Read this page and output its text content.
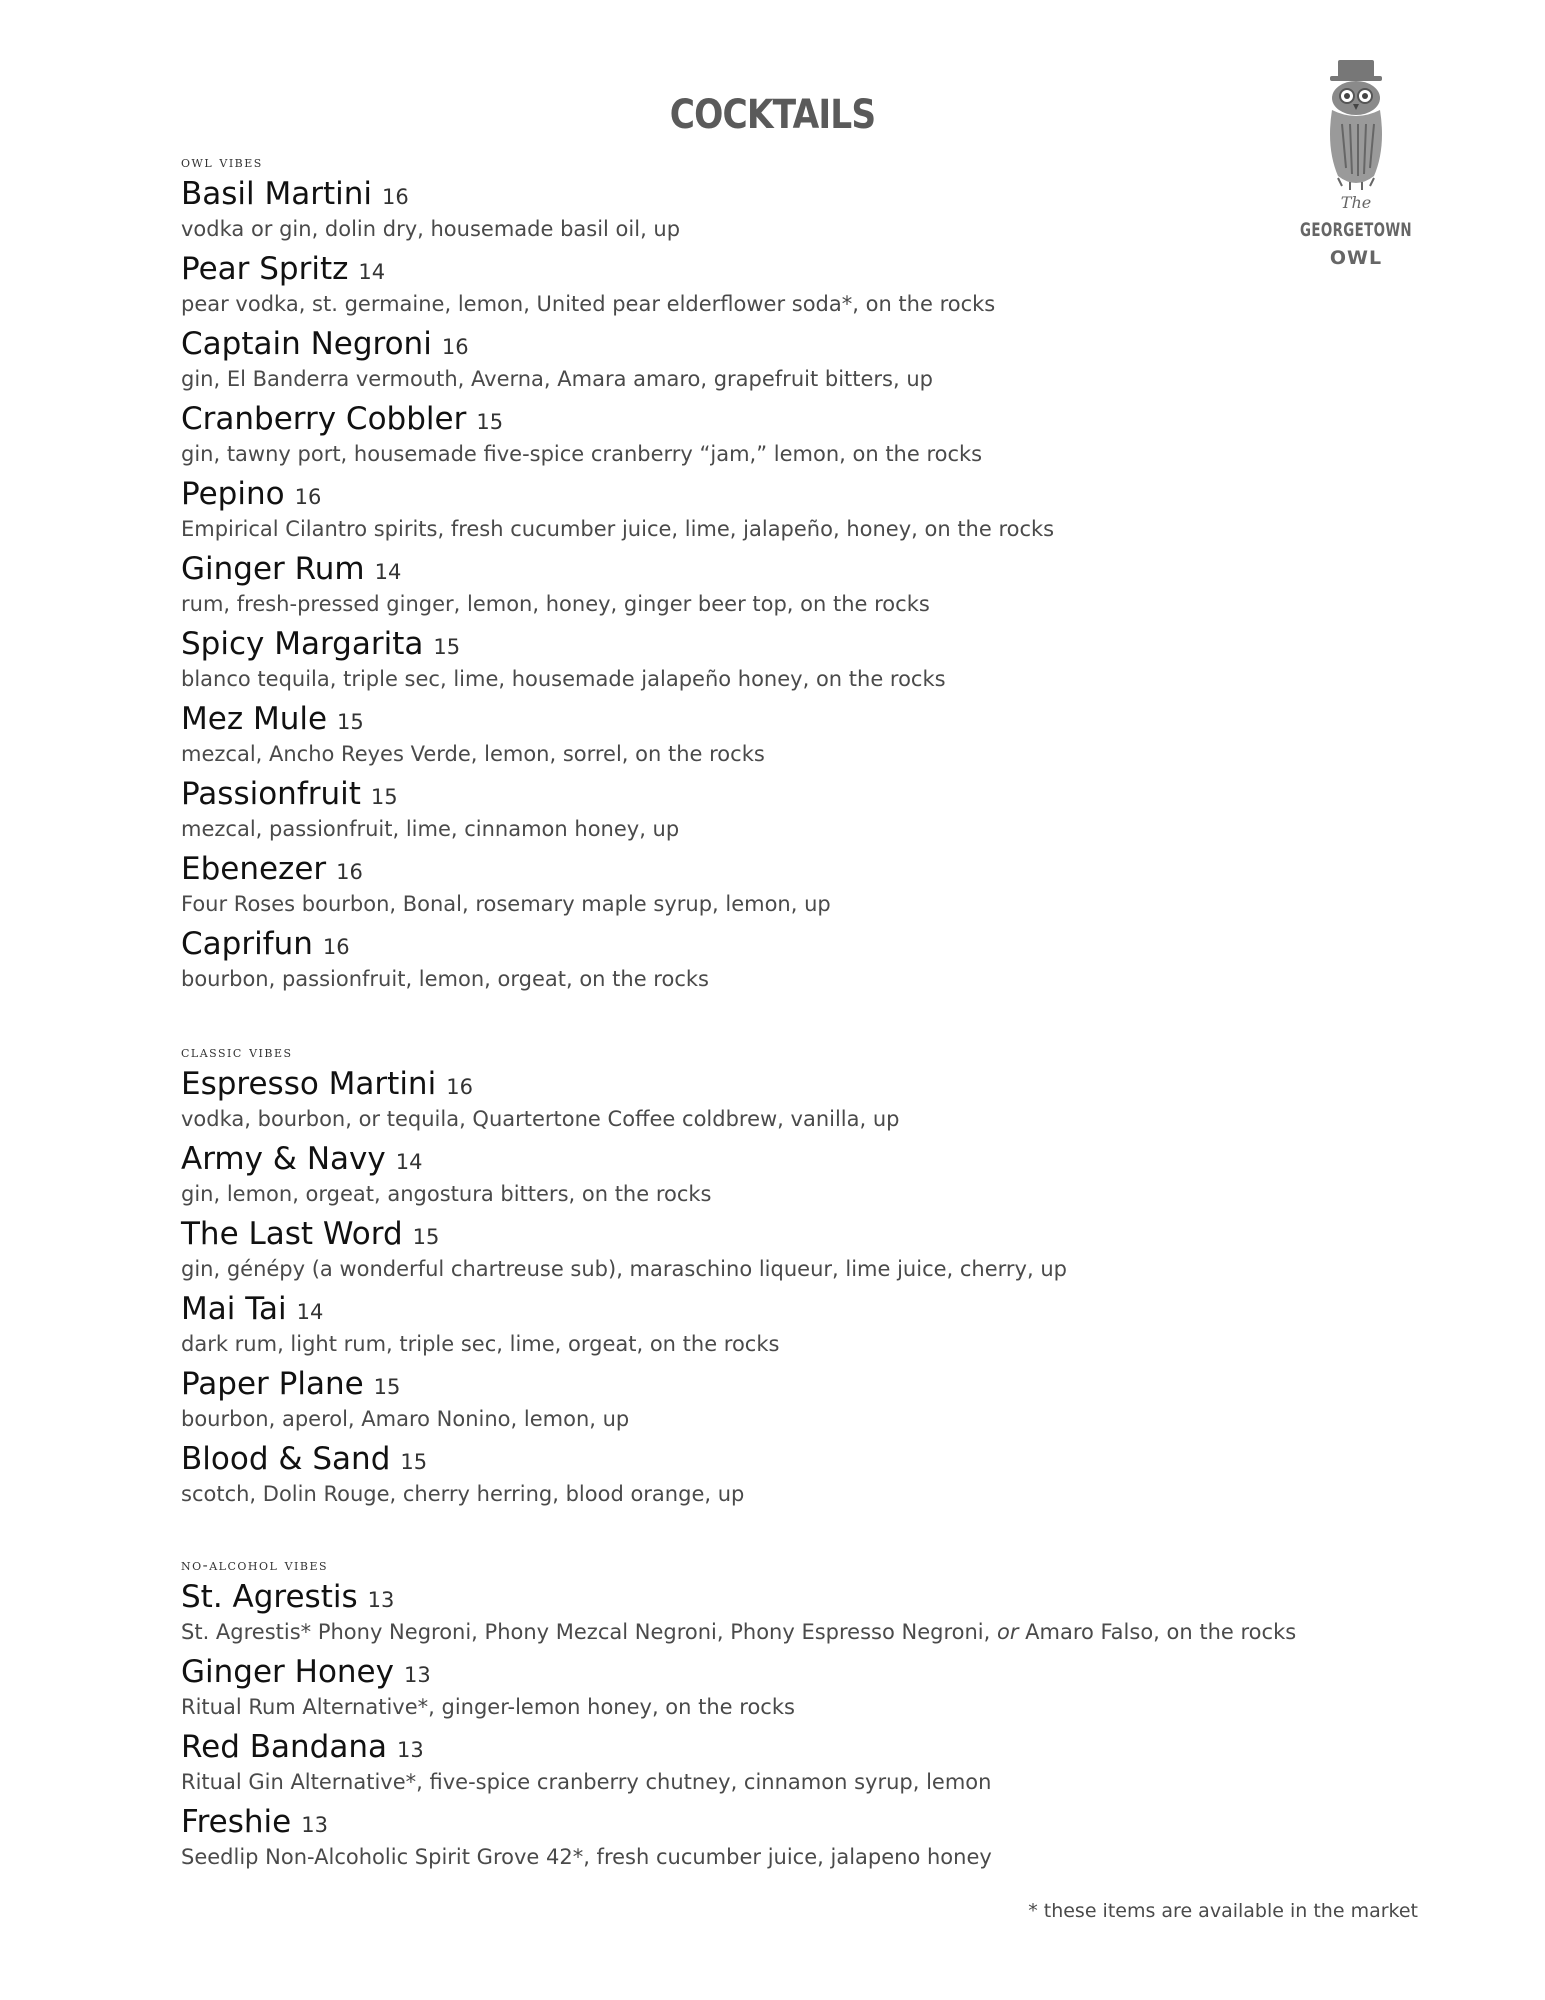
COCKTAILS
The
GEORGETOWN
OWL
owl vibes
Basil Martini 16
vodka or gin, dolin dry, housemade basil oil, up
Pear Spritz 14
pear vodka, st. germaine, lemon, United pear elderflower soda*, on the rocks
Captain Negroni 16
gin, El Banderra vermouth, Averna, Amara amaro, grapefruit bitters, up
Cranberry Cobbler 15
gin, tawny port, housemade five-spice cranberry “jam,” lemon, on the rocks
Pepino 16
Empirical Cilantro spirits, fresh cucumber juice, lime, jalapeño, honey, on the rocks
Ginger Rum 14
rum, fresh-pressed ginger, lemon, honey, ginger beer top, on the rocks
Spicy Margarita 15
blanco tequila, triple sec, lime, housemade jalapeño honey, on the rocks
Mez Mule 15
mezcal, Ancho Reyes Verde, lemon, sorrel, on the rocks
Passionfruit 15
mezcal, passionfruit, lime, cinnamon honey, up
Ebenezer 16
Four Roses bourbon, Bonal, rosemary maple syrup, lemon, up
Caprifun 16
bourbon, passionfruit, lemon, orgeat, on the rocks
classic vibes
Espresso Martini 16
vodka, bourbon, or tequila, Quartertone Coffee coldbrew, vanilla, up
Army & Navy 14
gin, lemon, orgeat, angostura bitters, on the rocks
The Last Word 15
gin, génépy (a wonderful chartreuse sub), maraschino liqueur, lime juice, cherry, up
Mai Tai 14
dark rum, light rum, triple sec, lime, orgeat, on the rocks
Paper Plane 15
bourbon, aperol, Amaro Nonino, lemon, up
Blood & Sand 15
scotch, Dolin Rouge, cherry herring, blood orange, up
no-alcohol vibes
St. Agrestis 13
St. Agrestis* Phony Negroni, Phony Mezcal Negroni, Phony Espresso Negroni, or Amaro Falso, on the rocks
Ginger Honey 13
Ritual Rum Alternative*, ginger-lemon honey, on the rocks
Red Bandana 13
Ritual Gin Alternative*, five-spice cranberry chutney, cinnamon syrup, lemon
Freshie 13
Seedlip Non-Alcoholic Spirit Grove 42*, fresh cucumber juice, jalapeno honey
* these items are available in the market
